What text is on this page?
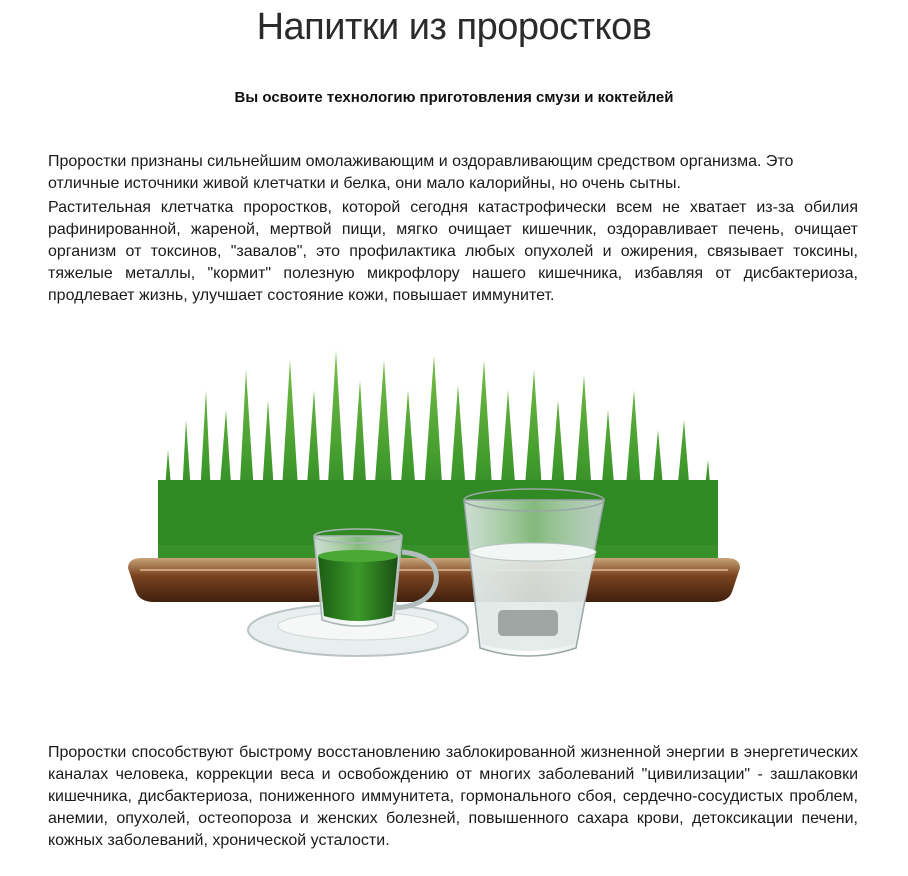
Напитки из проростков

Вы освоите технологию приготовления смузи и коктейлей

Проростки признаны сильнейшим омолаживающим и оздоравливающим средством организма. Это отличные источники живой клетчатки и белка, они мало калорийны, но очень сытны.

Растительная клетчатка проростков, которой сегодня катастрофически всем не хватает из-за обилия рафинированной, жареной, мертвой пищи, мягко очищает кишечник, оздоравливает печень, очищает организм от токсинов, "завалов", это профилактика любых опухолей и ожирения, связывает токсины, тяжелые металлы, "кормит" полезную микрофлору нашего кишечника, избавляя от дисбактериоза, продлевает жизнь, улучшает состояние кожи, повышает иммунитет.

Проростки способствуют быстрому восстановлению заблокированной жизненной энергии в энергетических каналах человека, коррекции веса и освобождению от многих заболеваний "цивилизации" - зашлаковки кишечника, дисбактериоза, пониженного иммунитета, гормонального сбоя, сердечно-сосудистых проблем, анемии, опухолей, остеопороза и женских болезней, повышенного сахара крови, детоксикации печени, кожных заболеваний, хронической усталости.
